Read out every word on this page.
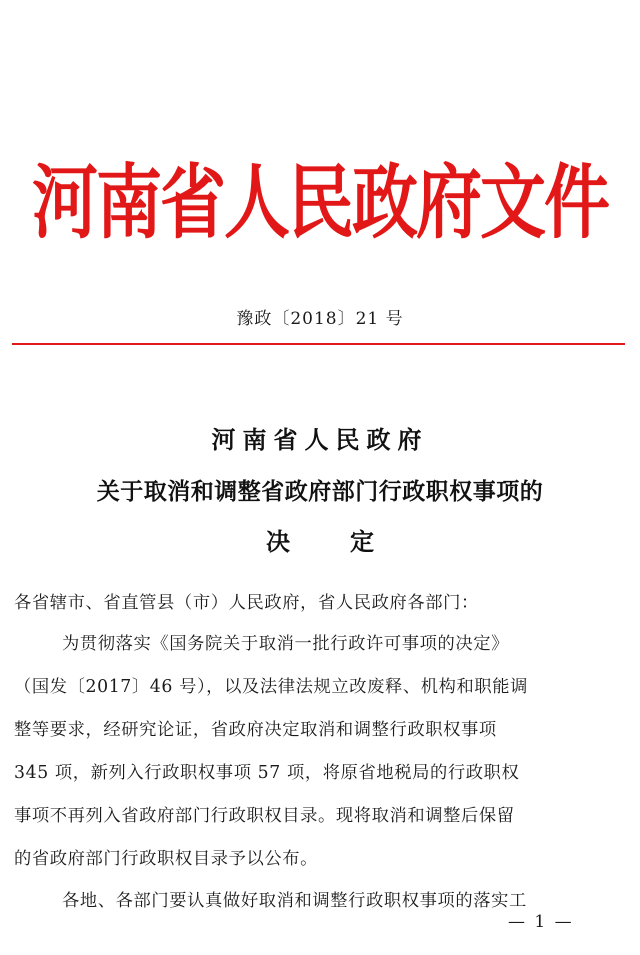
河南省人民政府文件
豫政〔2018〕21 号
河南省人民政府
关于取消和调整省政府部门行政职权事项的
决定
各省辖市、省直管县（市）人民政府，省人民政府各部门：
为贯彻落实《国务院关于取消一批行政许可事项的决定》
（国发〔2017〕46 号），以及法律法规立改废释、机构和职能调
整等要求，经研究论证，省政府决定取消和调整行政职权事项
345 项，新列入行政职权事项 57 项，将原省地税局的行政职权
事项不再列入省政府部门行政职权目录。现将取消和调整后保留
的省政府部门行政职权目录予以公布。
各地、各部门要认真做好取消和调整行政职权事项的落实工
— 1 —
